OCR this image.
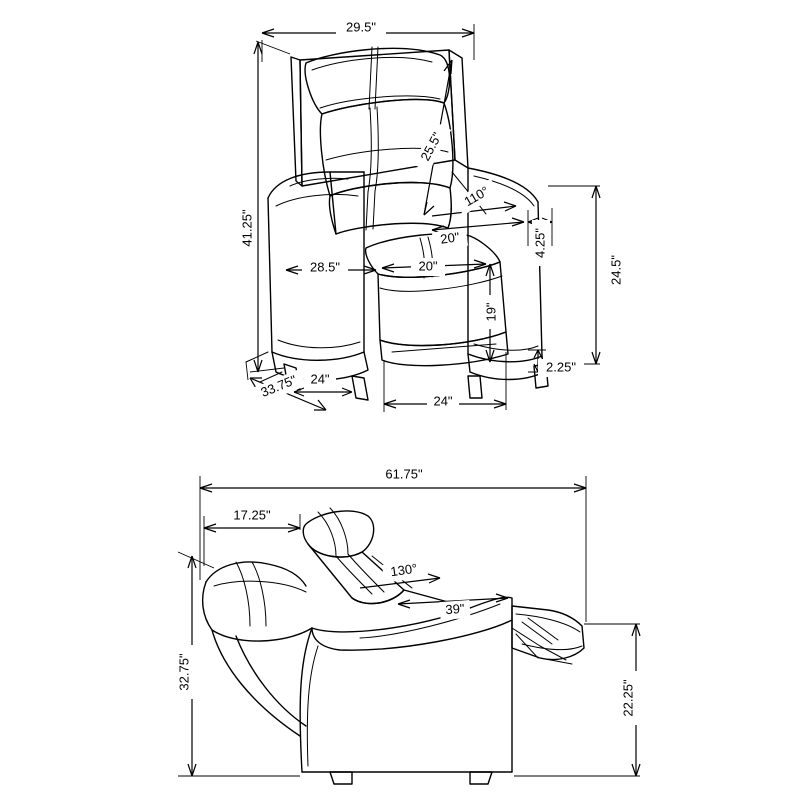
29.5"
41.25"
25.5"
110°
20"	4.25"
24.5"
28.5"	20"
19"
2.25"
24"
33.75"
24"
61.75"
17.25"
130°
39"
32.75"
22.25"
